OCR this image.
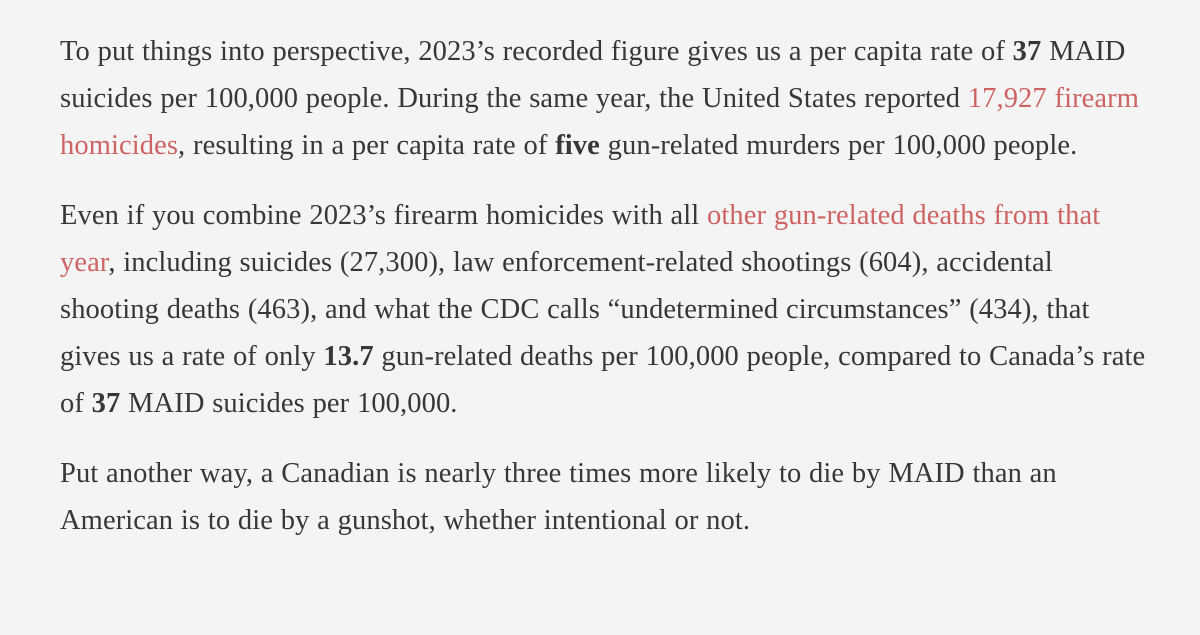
To put things into perspective, 2023’s recorded figure gives us a per capita rate of 37 MAID suicides per 100,000 people. During the same year, the United States reported 17,927 firearm homicides, resulting in a per capita rate of five gun-related murders per 100,000 people.

Even if you combine 2023’s firearm homicides with all other gun-related deaths from that year, including suicides (27,300), law enforcement-related shootings (604), accidental shooting deaths (463), and what the CDC calls “undetermined circumstances” (434), that gives us a rate of only 13.7 gun-related deaths per 100,000 people, compared to Canada’s rate of 37 MAID suicides per 100,000.

Put another way, a Canadian is nearly three times more likely to die by MAID than an American is to die by a gunshot, whether intentional or not.
